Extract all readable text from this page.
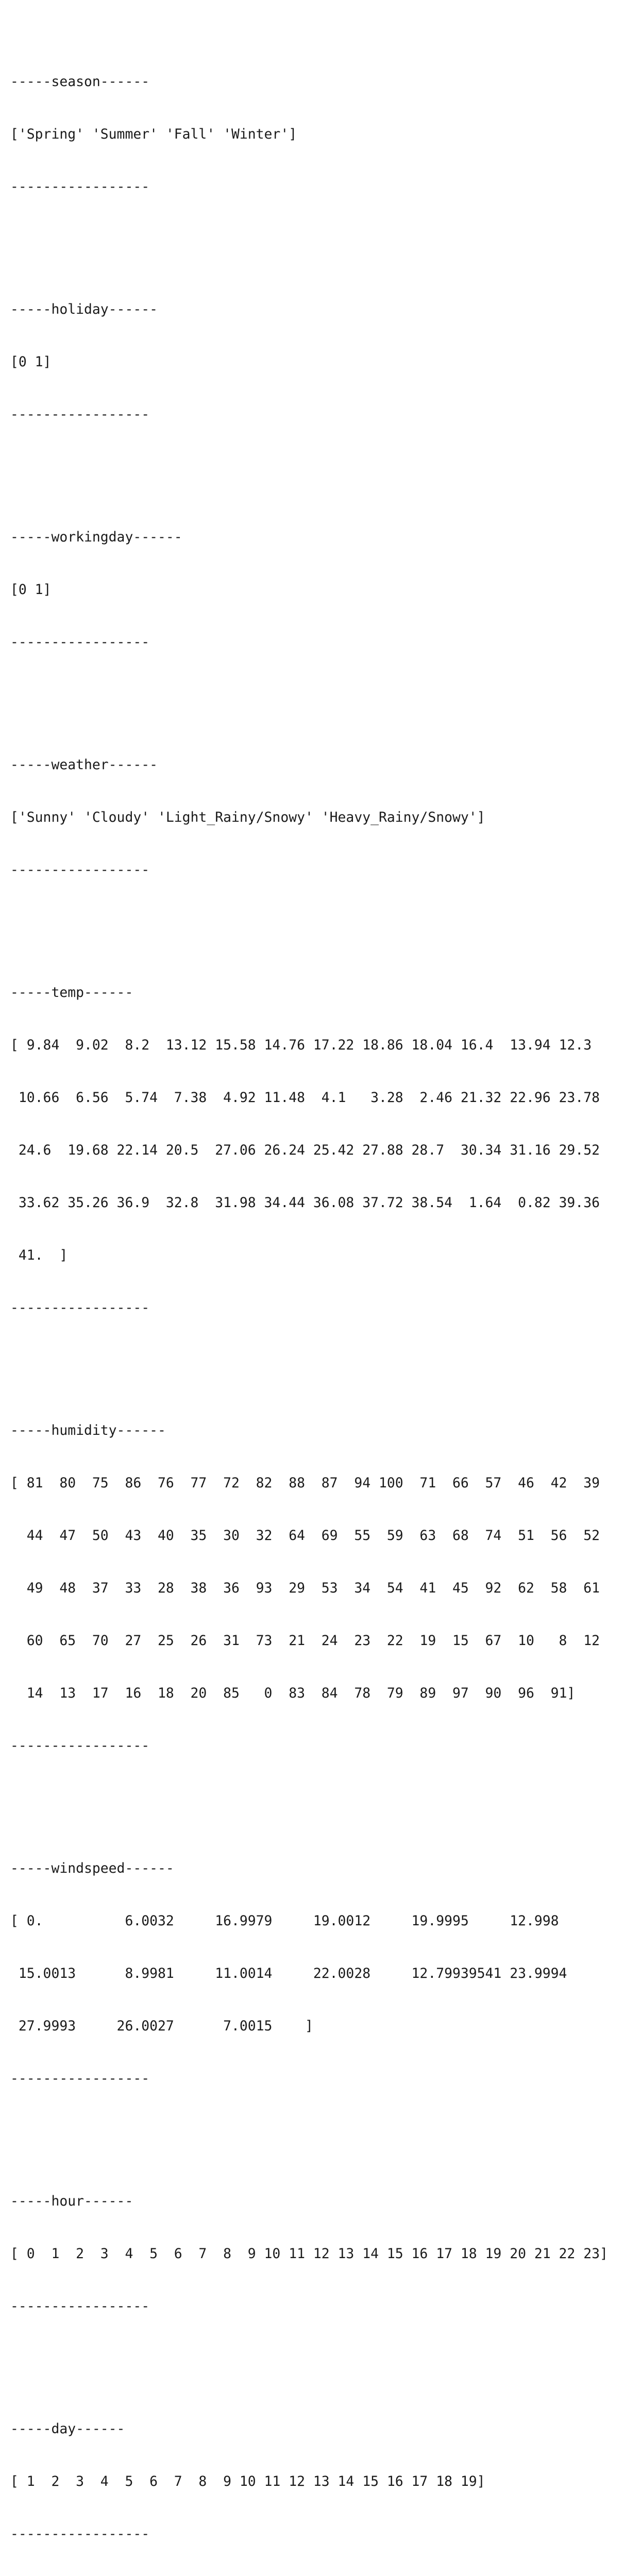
-----season------

['Spring' 'Summer' 'Fall' 'Winter']

-----------------

-----holiday------

[0 1]

-----------------

-----workingday------

[0 1]

-----------------

-----weather------

['Sunny' 'Cloudy' 'Light_Rainy/Snowy' 'Heavy_Rainy/Snowy']

-----------------

-----temp------

[ 9.84  9.02  8.2  13.12 15.58 14.76 17.22 18.86 18.04 16.4  13.94 12.3

10.66  6.56  5.74  7.38  4.92 11.48  4.1   3.28  2.46 21.32 22.96 23.78

24.6  19.68 22.14 20.5  27.06 26.24 25.42 27.88 28.7  30.34 31.16 29.52

33.62 35.26 36.9  32.8  31.98 34.44 36.08 37.72 38.54  1.64  0.82 39.36

41.  ]

-----------------

-----humidity------

[ 81  80  75  86  76  77  72  82  88  87  94 100  71  66  57  46  42  39

44  47  50  43  40  35  30  32  64  69  55  59  63  68  74  51  56  52

49  48  37  33  28  38  36  93  29  53  34  54  41  45  92  62  58  61

60  65  70  27  25  26  31  73  21  24  23  22  19  15  67  10   8  12

14  13  17  16  18  20  85   0  83  84  78  79  89  97  90  96  91]

-----------------

-----windspeed------

[ 0.          6.0032     16.9979     19.0012     19.9995     12.998

15.0013      8.9981     11.0014     22.0028     12.79939541 23.9994

27.9993     26.0027      7.0015    ]

-----------------

-----hour------

[ 0  1  2  3  4  5  6  7  8  9 10 11 12 13 14 15 16 17 18 19 20 21 22 23]

-----------------

-----day------

[ 1  2  3  4  5  6  7  8  9 10 11 12 13 14 15 16 17 18 19]

-----------------
